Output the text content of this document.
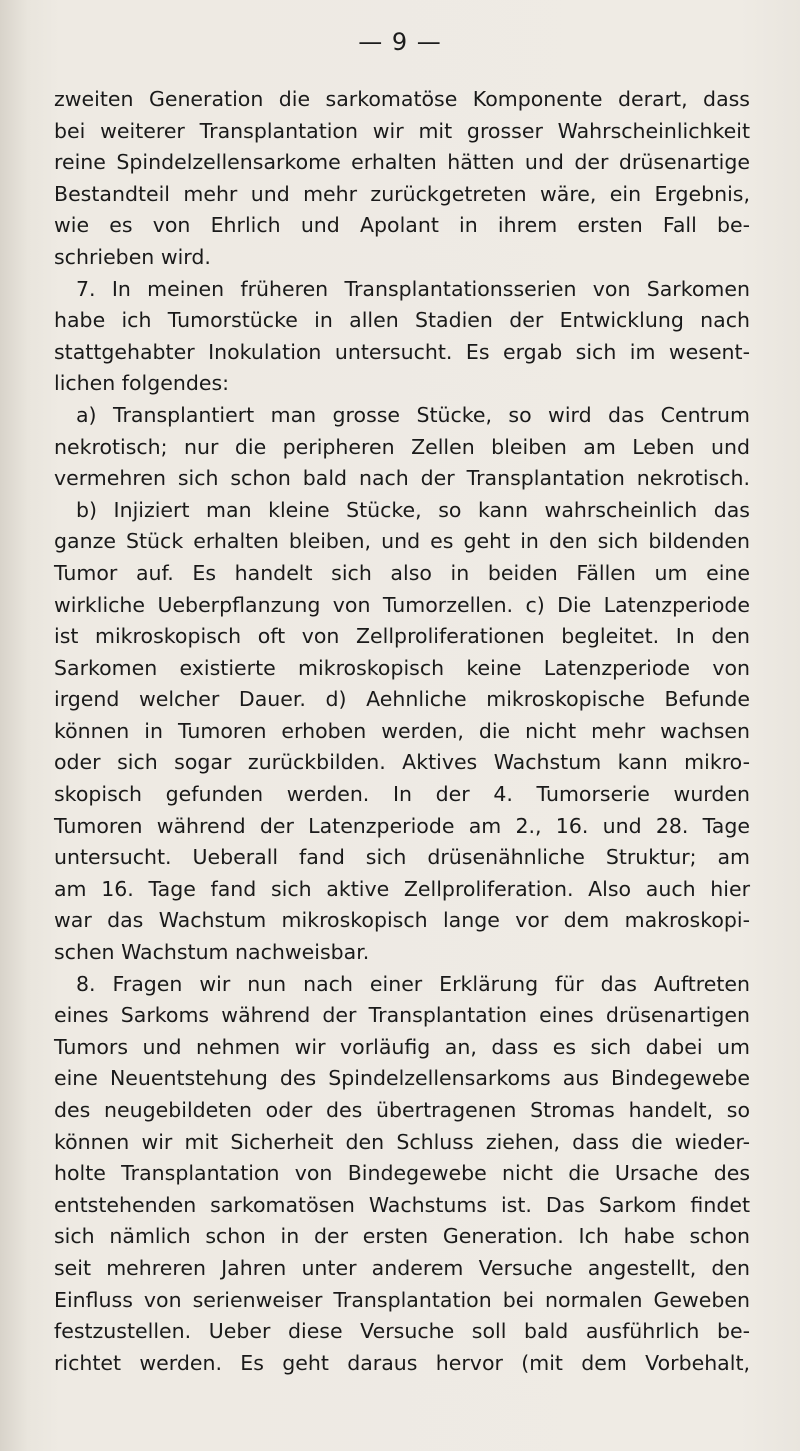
— 9 —
zweiten Generation die sarkomatöse Komponente derart, dass
bei weiterer Transplantation wir mit grosser Wahrscheinlichkeit
reine Spindelzellensarkome erhalten hätten und der drüsenartige
Bestandteil mehr und mehr zurückgetreten wäre, ein Ergebnis,
wie es von Ehrlich und Apolant in ihrem ersten Fall be-
schrieben wird.
7. In meinen früheren Transplantationsserien von Sarkomen
habe ich Tumorstücke in allen Stadien der Entwicklung nach
stattgehabter Inokulation untersucht. Es ergab sich im wesent-
lichen folgendes:
a) Transplantiert man grosse Stücke, so wird das Centrum
nekrotisch; nur die peripheren Zellen bleiben am Leben und
vermehren sich schon bald nach der Transplantation nekrotisch.
b) Injiziert man kleine Stücke, so kann wahrscheinlich das
ganze Stück erhalten bleiben, und es geht in den sich bildenden
Tumor auf. Es handelt sich also in beiden Fällen um eine
wirkliche Ueberpflanzung von Tumorzellen. c) Die Latenzperiode
ist mikroskopisch oft von Zellproliferationen begleitet. In den
Sarkomen existierte mikroskopisch keine Latenzperiode von
irgend welcher Dauer. d) Aehnliche mikroskopische Befunde
können in Tumoren erhoben werden, die nicht mehr wachsen
oder sich sogar zurückbilden. Aktives Wachstum kann mikro-
skopisch gefunden werden. In der 4. Tumorserie wurden
Tumoren während der Latenzperiode am 2., 16. und 28. Tage
untersucht. Ueberall fand sich drüsenähnliche Struktur; am
am 16. Tage fand sich aktive Zellproliferation. Also auch hier
war das Wachstum mikroskopisch lange vor dem makroskopi-
schen Wachstum nachweisbar.
8. Fragen wir nun nach einer Erklärung für das Auftreten
eines Sarkoms während der Transplantation eines drüsenartigen
Tumors und nehmen wir vorläufig an, dass es sich dabei um
eine Neuentstehung des Spindelzellensarkoms aus Bindegewebe
des neugebildeten oder des übertragenen Stromas handelt, so
können wir mit Sicherheit den Schluss ziehen, dass die wieder-
holte Transplantation von Bindegewebe nicht die Ursache des
entstehenden sarkomatösen Wachstums ist. Das Sarkom findet
sich nämlich schon in der ersten Generation. Ich habe schon
seit mehreren Jahren unter anderem Versuche angestellt, den
Einfluss von serienweiser Transplantation bei normalen Geweben
festzustellen. Ueber diese Versuche soll bald ausführlich be-
richtet werden. Es geht daraus hervor (mit dem Vorbehalt,
